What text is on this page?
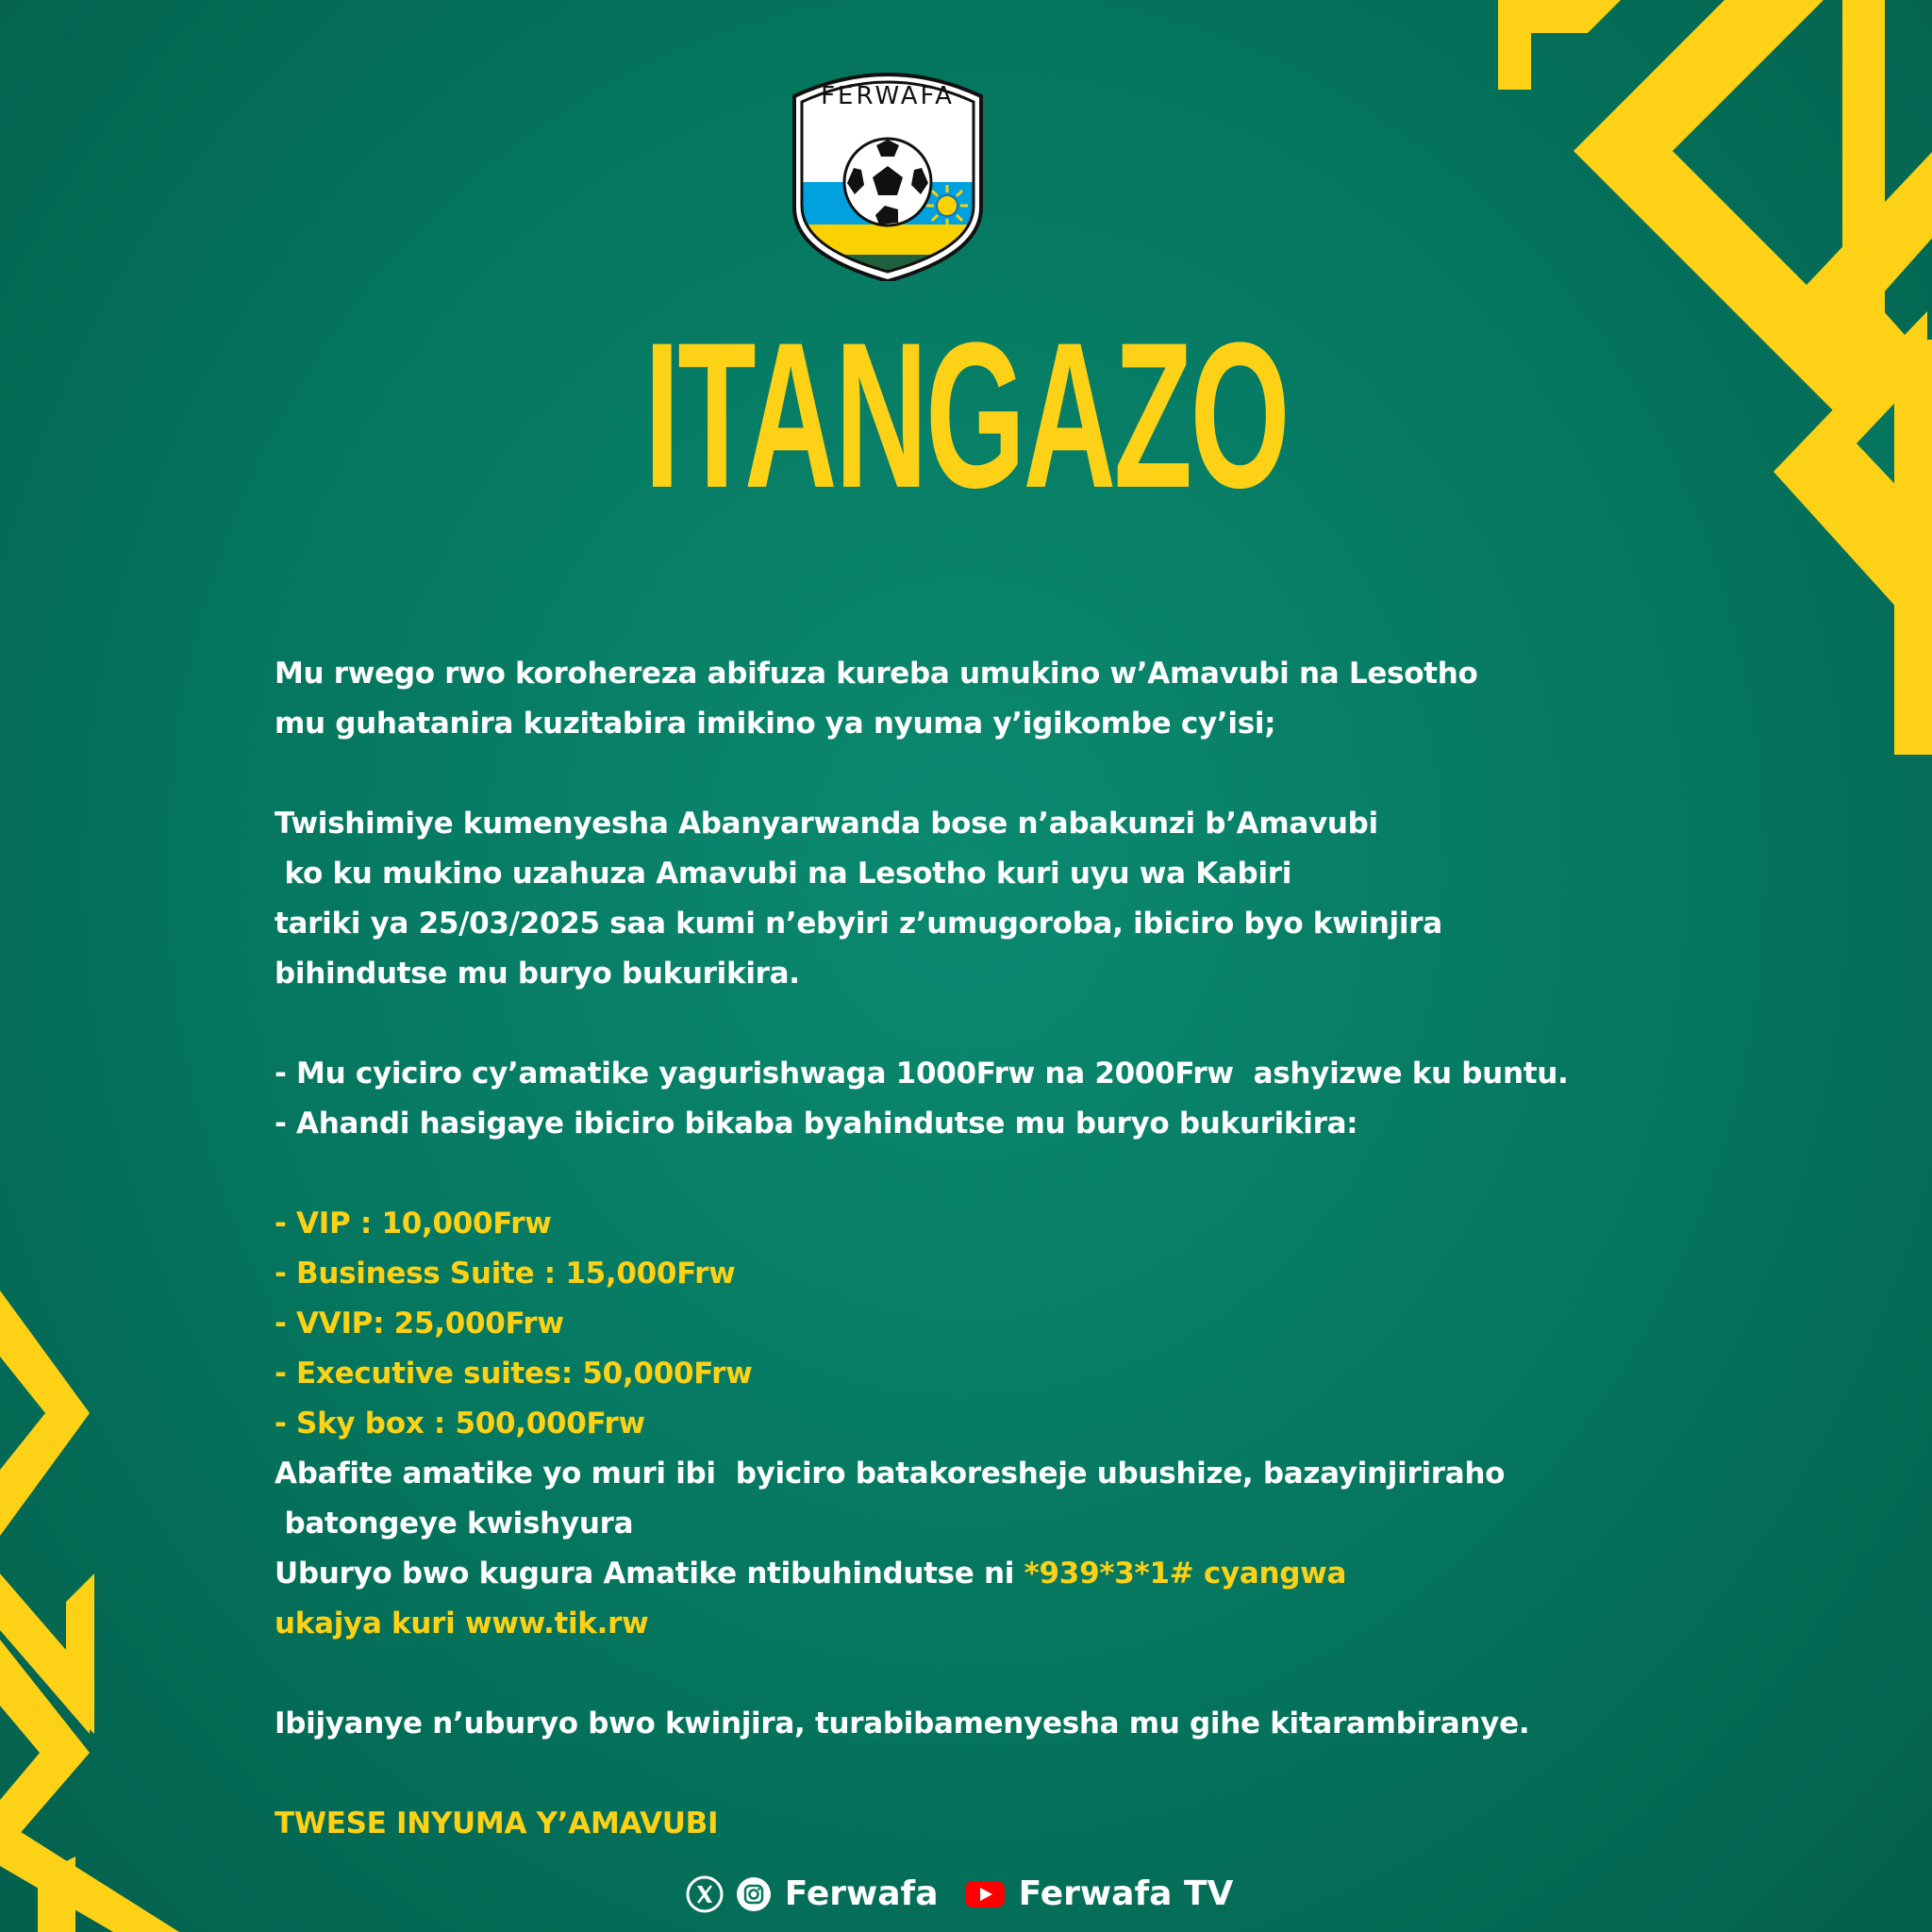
FERWAFA
ITANGAZO
Mu rwego rwo korohereza abifuza kureba umukino w’Amavubi na Lesotho
mu guhatanira kuzitabira imikino ya nyuma y’igikombe cy’isi;
Twishimiye kumenyesha Abanyarwanda bose n’abakunzi b’Amavubi
ko ku mukino uzahuza Amavubi na Lesotho kuri uyu wa Kabiri
tariki ya 25/03/2025 saa kumi n’ebyiri z’umugoroba, ibiciro byo kwinjira
bihindutse mu buryo bukurikira.
- Mu cyiciro cy’amatike yagurishwaga 1000Frw na 2000Frw  ashyizwe ku buntu.
- Ahandi hasigaye ibiciro bikaba byahindutse mu buryo bukurikira:
- VIP : 10,000Frw
- Business Suite : 15,000Frw
- VVIP: 25,000Frw
- Executive suites: 50,000Frw
- Sky box : 500,000Frw
Abafite amatike yo muri ibi  byiciro batakoresheje ubushize, bazayinjiriraho
batongeye kwishyura
Uburyo bwo kugura Amatike ntibuhindutse ni *939*3*1# cyangwa
ukajya kuri www.tik.rw
Ibijyanye n’uburyo bwo kwinjira, turabibamenyesha mu gihe kitarambiranye.
TWESE INYUMA Y’AMAVUBI

Ferwafa Ferwafa TV
